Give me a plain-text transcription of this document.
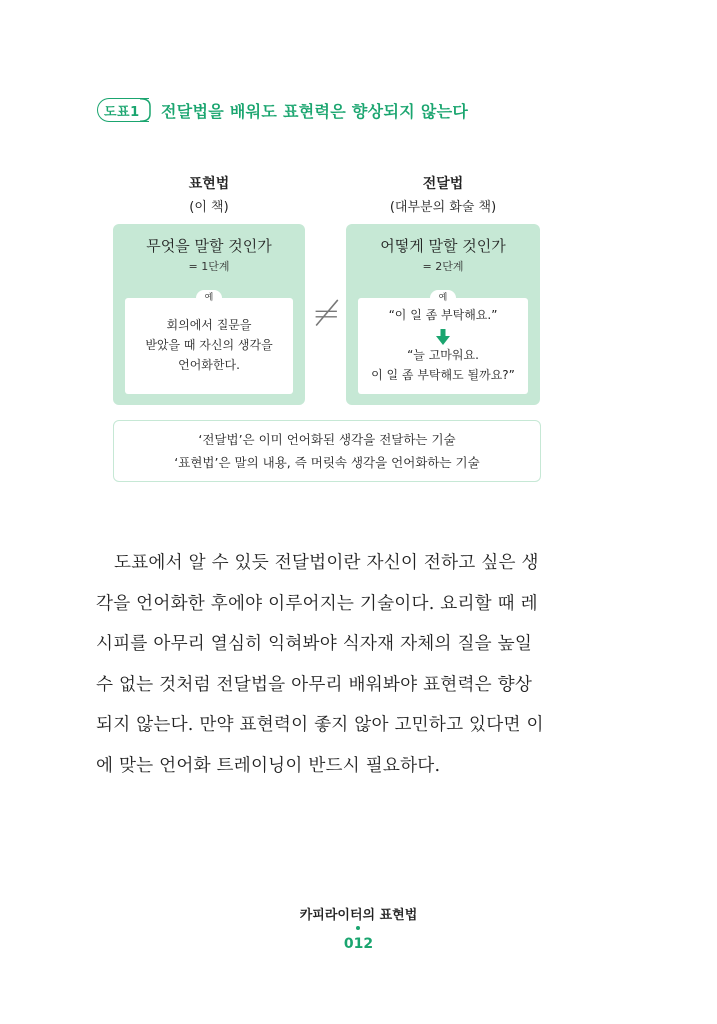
도표1 전달법을 배워도 표현력은 향상되지 않는다
표현법
(이 책)
전달법
(대부분의 화술 책)
무엇을 말할 것인가
= 1단계
회의에서 질문을
받았을 때 자신의 생각을
언어화한다.
예	≠
어떻게 말할 것인가
= 2단계
“이 일 좀 부탁해요.”
“늘 고마워요.
이 일 좀 부탁해도 될까요?”
예
‘전달법’은 이미 언어화된 생각을 전달하는 기술
‘표현법’은 말의 내용, 즉 머릿속 생각을 언어화하는 기술
도표에서 알 수 있듯 전달법이란 자신이 전하고 싶은 생
각을 언어화한 후에야 이루어지는 기술이다. 요리할 때 레
시피를 아무리 열심히 익혀봐야 식자재 자체의 질을 높일
수 없는 것처럼 전달법을 아무리 배워봐야 표현력은 향상
되지 않는다. 만약 표현력이 좋지 않아 고민하고 있다면 이
에 맞는 언어화 트레이닝이 반드시 필요하다.
카피라이터의 표현법
012
